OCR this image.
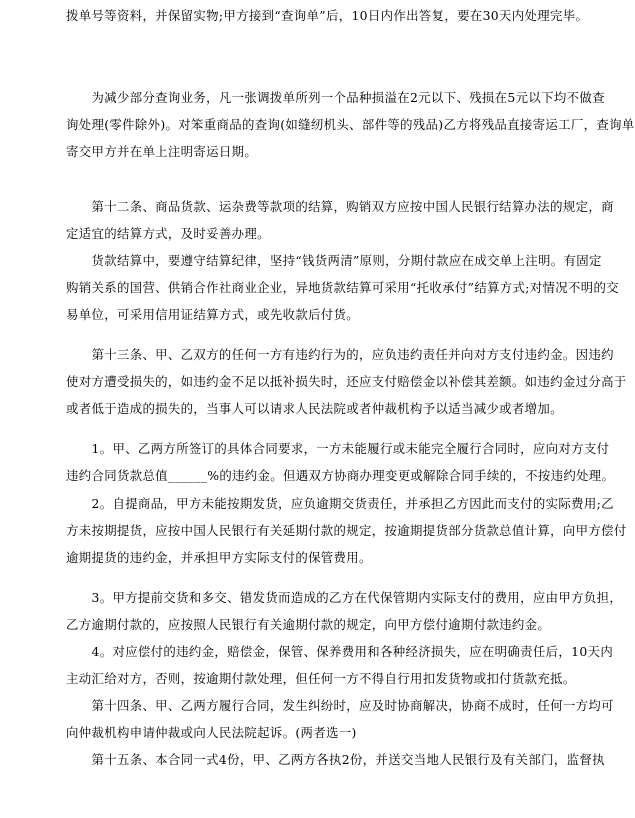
拨单号等资料，并保留实物;甲方接到“查询单”后，10日内作出答复，要在30天内处理完毕。

　　为减少部分查询业务，凡一张调拨单所列一个品种损溢在2元以下、残损在5元以下均不做查
询处理(零件除外)。对笨重商品的查询(如缝纫机头、部件等的残品)乙方将残品直接寄运工厂，查询单
寄交甲方并在单上注明寄运日期。

　　第十二条、商品货款、运杂费等款项的结算，购销双方应按中国人民银行结算办法的规定，商
定适宜的结算方式，及时妥善办理。

　　货款结算中，要遵守结算纪律，坚持“钱货两清”原则，分期付款应在成交单上注明。有固定
购销关系的国营、供销合作社商业企业，异地货款结算可采用“托收承付”结算方式;对情况不明的交
易单位，可采用信用证结算方式，或先收款后付货。

　　第十三条、甲、乙双方的任何一方有违约行为的，应负违约责任并向对方支付违约金。因违约
使对方遭受损失的，如违约金不足以抵补损失时，还应支付赔偿金以补偿其差额。如违约金过分高于
或者低于造成的损失的，当事人可以请求人民法院或者仲裁机构予以适当减少或者增加。

　　1。甲、乙两方所签订的具体合同要求，一方未能履行或未能完全履行合同时，应向对方支付
违约合同货款总值______%的违约金。但遇双方协商办理变更或解除合同手续的，不按违约处理。

　　2。自提商品，甲方未能按期发货，应负逾期交货责任，并承担乙方因此而支付的实际费用;乙
方未按期提货，应按中国人民银行有关延期付款的规定，按逾期提货部分货款总值计算，向甲方偿付
逾期提货的违约金，并承担甲方实际支付的保管费用。

　　3。甲方提前交货和多交、错发货而造成的乙方在代保管期内实际支付的费用，应由甲方负担，
乙方逾期付款的，应按照人民银行有关逾期付款的规定，向甲方偿付逾期付款违约金。

　　4。对应偿付的违约金，赔偿金，保管、保养费用和各种经济损失，应在明确责任后，10天内
主动汇给对方，否则，按逾期付款处理，但任何一方不得自行用扣发货物或扣付货款充抵。

　　第十四条、甲、乙两方履行合同，发生纠纷时，应及时协商解决，协商不成时，任何一方均可
向仲裁机构申请仲裁或向人民法院起诉。(两者选一)

　　第十五条、本合同一式4份，甲、乙两方各执2份，并送交当地人民银行及有关部门，监督执
